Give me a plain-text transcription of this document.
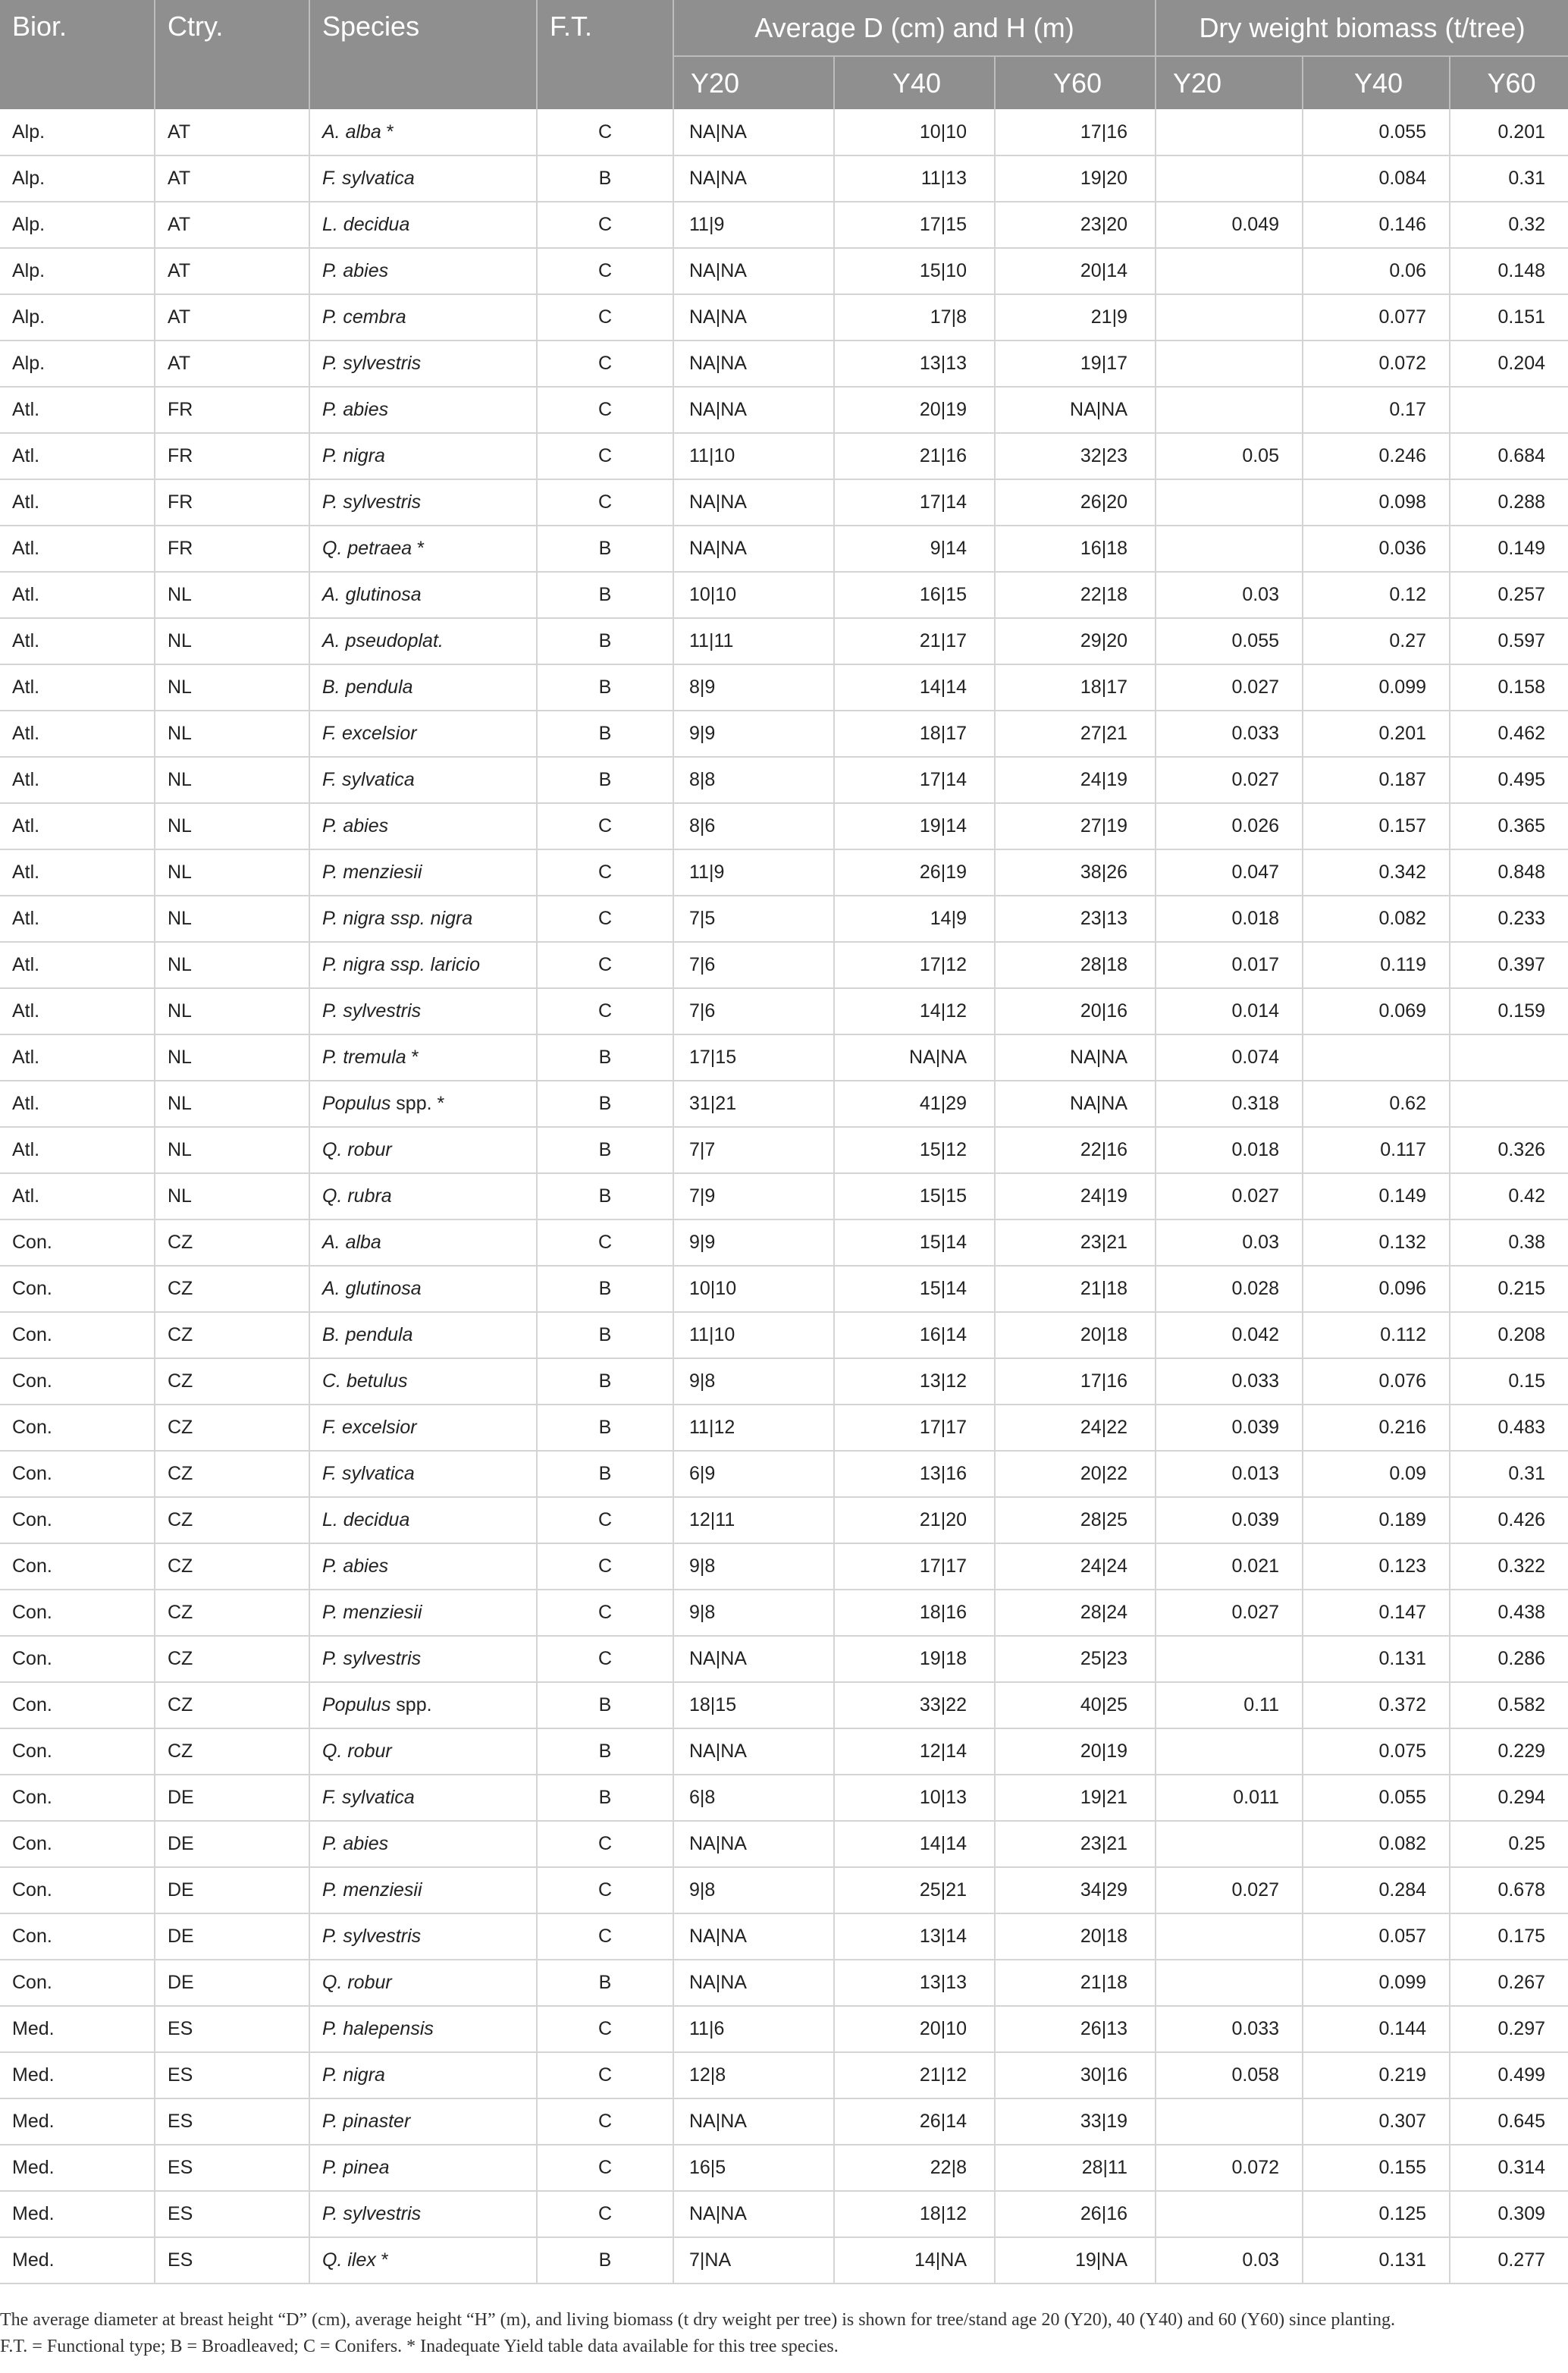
Bior.	Ctry.	Species	F.T.	Average D (cm) and H (m)			Dry weight biomass (t/tree)		
				Y20	Y40	Y60	Y20	Y40	Y60
Alp.	AT	A. alba *	C	NA|NA	10|10	17|16		0.055	0.201
Alp.	AT	F. sylvatica	B	NA|NA	11|13	19|20		0.084	0.31
Alp.	AT	L. decidua	C	11|9	17|15	23|20	0.049	0.146	0.32
Alp.	AT	P. abies	C	NA|NA	15|10	20|14		0.06	0.148
Alp.	AT	P. cembra	C	NA|NA	17|8	21|9		0.077	0.151
Alp.	AT	P. sylvestris	C	NA|NA	13|13	19|17		0.072	0.204
Atl.	FR	P. abies	C	NA|NA	20|19	NA|NA		0.17	
Atl.	FR	P. nigra	C	11|10	21|16	32|23	0.05	0.246	0.684
Atl.	FR	P. sylvestris	C	NA|NA	17|14	26|20		0.098	0.288
Atl.	FR	Q. petraea *	B	NA|NA	9|14	16|18		0.036	0.149
Atl.	NL	A. glutinosa	B	10|10	16|15	22|18	0.03	0.12	0.257
Atl.	NL	A. pseudoplat.	B	11|11	21|17	29|20	0.055	0.27	0.597
Atl.	NL	B. pendula	B	8|9	14|14	18|17	0.027	0.099	0.158
Atl.	NL	F. excelsior	B	9|9	18|17	27|21	0.033	0.201	0.462
Atl.	NL	F. sylvatica	B	8|8	17|14	24|19	0.027	0.187	0.495
Atl.	NL	P. abies	C	8|6	19|14	27|19	0.026	0.157	0.365
Atl.	NL	P. menziesii	C	11|9	26|19	38|26	0.047	0.342	0.848
Atl.	NL	P. nigra ssp. nigra	C	7|5	14|9	23|13	0.018	0.082	0.233
Atl.	NL	P. nigra ssp. laricio	C	7|6	17|12	28|18	0.017	0.119	0.397
Atl.	NL	P. sylvestris	C	7|6	14|12	20|16	0.014	0.069	0.159
Atl.	NL	P. tremula *	B	17|15	NA|NA	NA|NA	0.074		
Atl.	NL	Populus spp. *	B	31|21	41|29	NA|NA	0.318	0.62	
Atl.	NL	Q. robur	B	7|7	15|12	22|16	0.018	0.117	0.326
Atl.	NL	Q. rubra	B	7|9	15|15	24|19	0.027	0.149	0.42
Con.	CZ	A. alba	C	9|9	15|14	23|21	0.03	0.132	0.38
Con.	CZ	A. glutinosa	B	10|10	15|14	21|18	0.028	0.096	0.215
Con.	CZ	B. pendula	B	11|10	16|14	20|18	0.042	0.112	0.208
Con.	CZ	C. betulus	B	9|8	13|12	17|16	0.033	0.076	0.15
Con.	CZ	F. excelsior	B	11|12	17|17	24|22	0.039	0.216	0.483
Con.	CZ	F. sylvatica	B	6|9	13|16	20|22	0.013	0.09	0.31
Con.	CZ	L. decidua	C	12|11	21|20	28|25	0.039	0.189	0.426
Con.	CZ	P. abies	C	9|8	17|17	24|24	0.021	0.123	0.322
Con.	CZ	P. menziesii	C	9|8	18|16	28|24	0.027	0.147	0.438
Con.	CZ	P. sylvestris	C	NA|NA	19|18	25|23		0.131	0.286
Con.	CZ	Populus spp.	B	18|15	33|22	40|25	0.11	0.372	0.582
Con.	CZ	Q. robur	B	NA|NA	12|14	20|19		0.075	0.229
Con.	DE	F. sylvatica	B	6|8	10|13	19|21	0.011	0.055	0.294
Con.	DE	P. abies	C	NA|NA	14|14	23|21		0.082	0.25
Con.	DE	P. menziesii	C	9|8	25|21	34|29	0.027	0.284	0.678
Con.	DE	P. sylvestris	C	NA|NA	13|14	20|18		0.057	0.175
Con.	DE	Q. robur	B	NA|NA	13|13	21|18		0.099	0.267
Med.	ES	P. halepensis	C	11|6	20|10	26|13	0.033	0.144	0.297
Med.	ES	P. nigra	C	12|8	21|12	30|16	0.058	0.219	0.499
Med.	ES	P. pinaster	C	NA|NA	26|14	33|19		0.307	0.645
Med.	ES	P. pinea	C	16|5	22|8	28|11	0.072	0.155	0.314
Med.	ES	P. sylvestris	C	NA|NA	18|12	26|16		0.125	0.309
Med.	ES	Q. ilex *	B	7|NA	14|NA	19|NA	0.03	0.131	0.277

The average diameter at breast height “D” (cm), average height “H” (m), and living biomass (t dry weight per tree) is shown for tree/stand age 20 (Y20), 40 (Y40) and 60 (Y60) since planting.

F.T. = Functional type; B = Broadleaved; C = Conifers. * Inadequate Yield table data available for this tree species.
